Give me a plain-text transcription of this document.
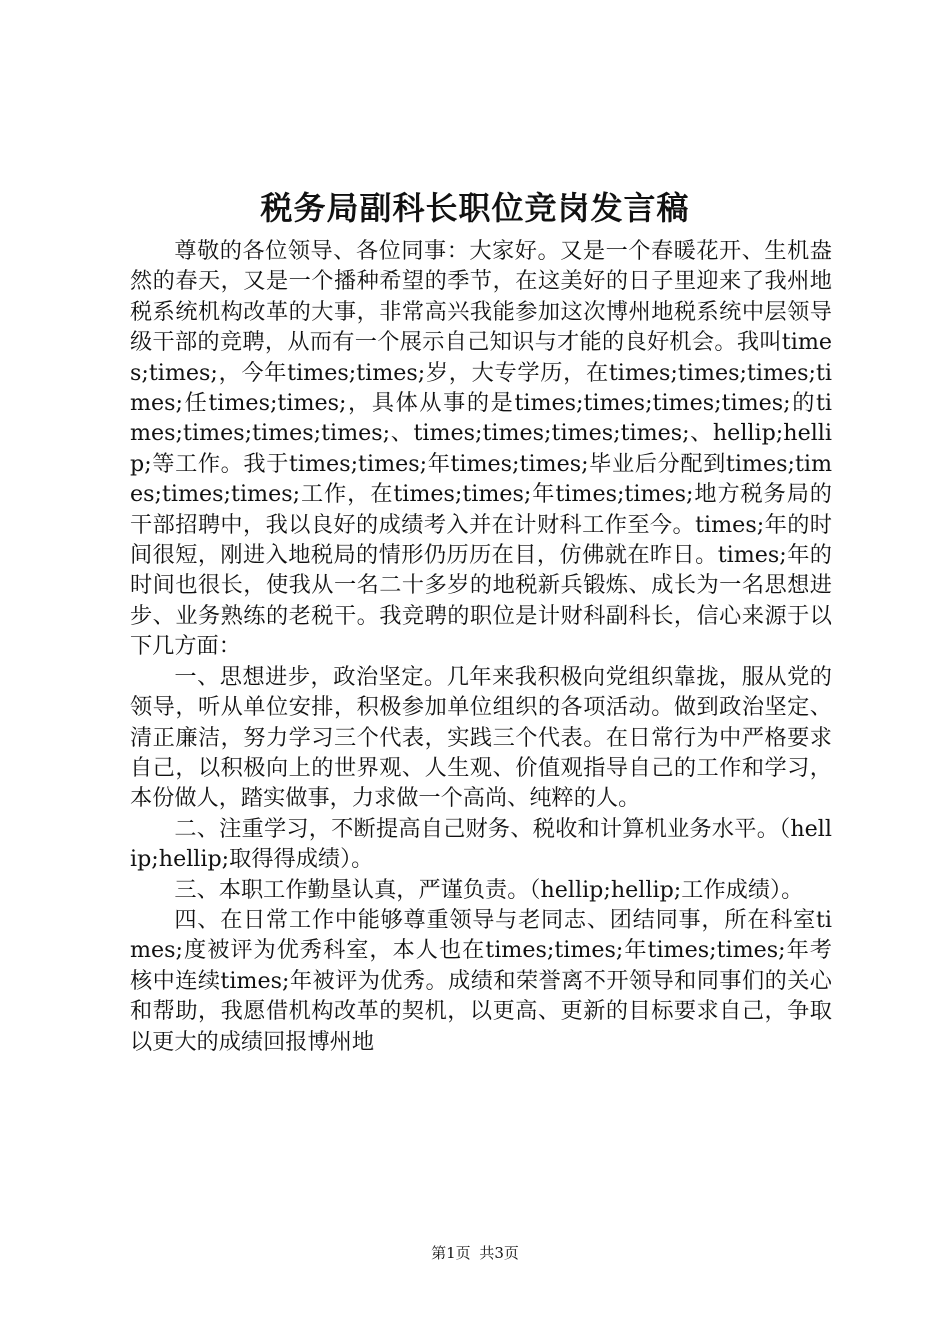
税务局副科长职位竞岗发言稿

尊敬的各位领导、各位同事：大家好。又是一个春暖花开、生机盎然的春天，又是一个播种希望的季节，在这美好的日子里迎来了我州地税系统机构改革的大事，非常高兴我能参加这次博州地税系统中层领导级干部的竞聘，从而有一个展示自己知识与才能的良好机会。我叫times;times;，今年times;times;岁，大专学历，在times;times;times;times;任times;times;，具体从事的是times;times;times;times;的times;times;times;times;、times;times;times;times;、hellip;hellip;等工作。我于times;times;年times;times;毕业后分配到times;times;times;times;工作，在times;times;年times;times;地方税务局的干部招聘中，我以良好的成绩考入并在计财科工作至今。times;年的时间很短，刚进入地税局的情形仍历历在目，仿佛就在昨日。times;年的时间也很长，使我从一名二十多岁的地税新兵锻炼、成长为一名思想进步、业务熟练的老税干。我竞聘的职位是计财科副科长，信心来源于以下几方面：

一、思想进步，政治坚定。几年来我积极向党组织靠拢，服从党的领导，听从单位安排，积极参加单位组织的各项活动。做到政治坚定、清正廉洁，努力学习三个代表，实践三个代表。在日常行为中严格要求自己，以积极向上的世界观、人生观、价值观指导自己的工作和学习，本份做人，踏实做事，力求做一个高尚、纯粹的人。

二、注重学习，不断提高自己财务、税收和计算机业务水平。（hellip;hellip;取得得成绩）。

三、本职工作勤垦认真，严谨负责。（hellip;hellip;工作成绩）。

四、在日常工作中能够尊重领导与老同志、团结同事，所在科室times;度被评为优秀科室，本人也在times;times;年times;times;年考核中连续times;年被评为优秀。成绩和荣誉离不开领导和同事们的关心和帮助，我愿借机构改革的契机，以更高、更新的目标要求自己，争取以更大的成绩回报博州地

第1页 共3页
